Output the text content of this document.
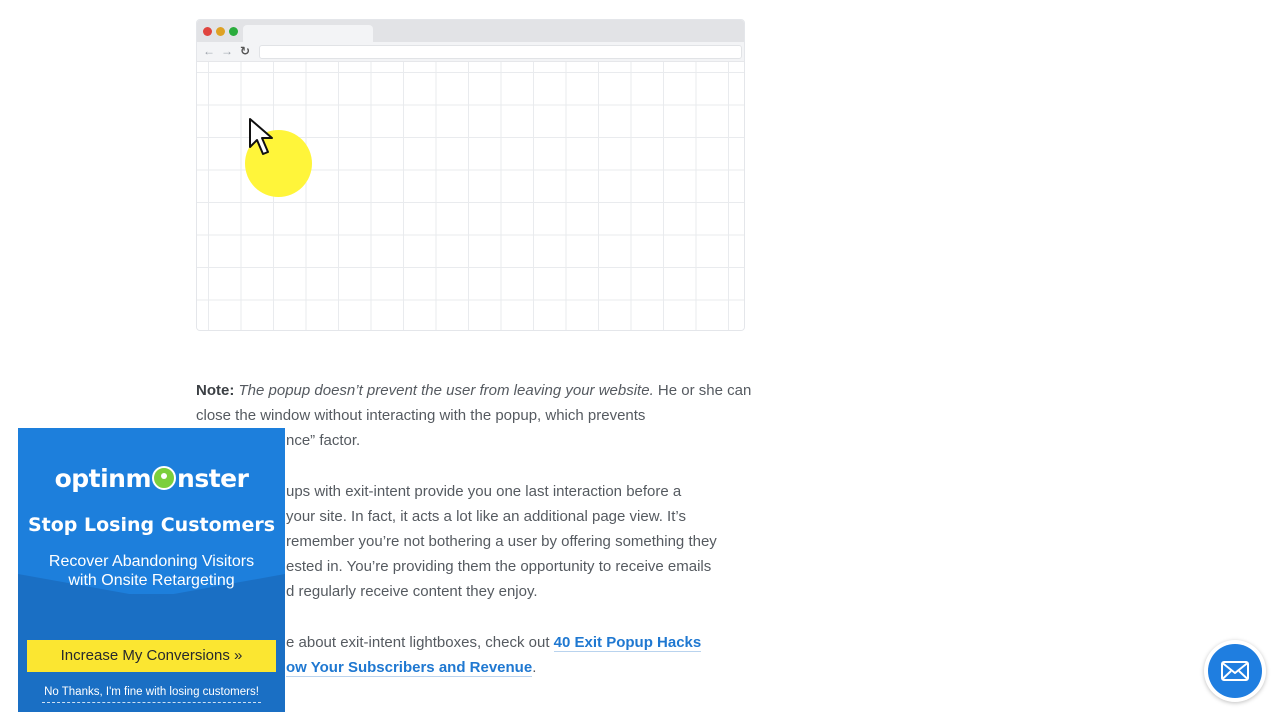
← → ↻

Note: The popup doesn’t prevent the user from leaving your website. He or she can close the window without interacting with the popup, which prevents
nce” factor.

ups with exit-intent provide you one last interaction before a
your site. In fact, it acts a lot like an additional page view. It’s
remember you’re not bothering a user by offering something they
ested in. You’re providing them the opportunity to receive emails
d regularly receive content they enjoy.

e about exit-intent lightboxes, check out 40 Exit Popup Hacks
ow Your Subscribers and Revenue.

optinm nster
Stop Losing Customers
Recover Abandoning Visitors with Onsite Retargeting
Increase My Conversions »
No Thanks, I'm fine with losing customers!
